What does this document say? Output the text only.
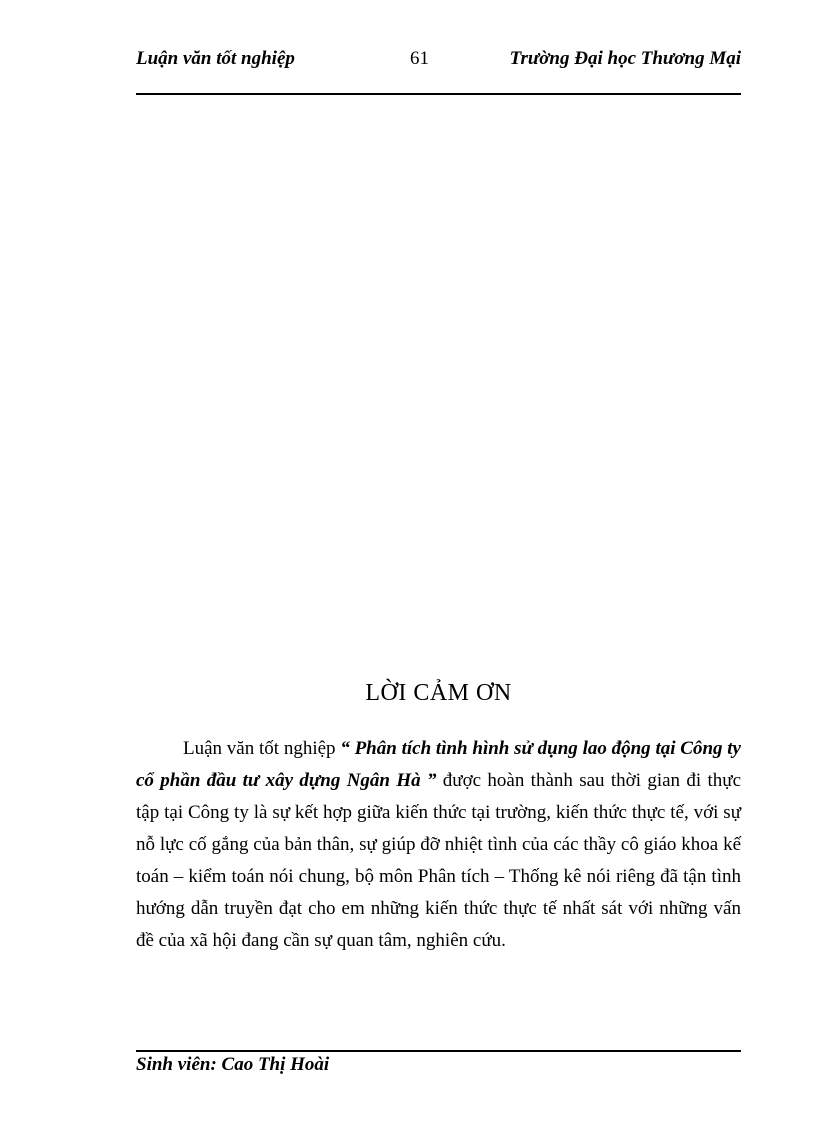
Luận văn tốt nghiệp	61	Trường Đại học Thương Mại
LỜI CẢM ƠN

Luận văn tốt nghiệp “ Phân tích tình hình sử dụng lao động tại Công ty cổ phần đầu tư xây dựng Ngân Hà ” được hoàn thành sau thời gian đi thực tập tại Công ty là sự kết hợp giữa kiến thức tại trường, kiến thức thực tế, với sự nỗ lực cố gắng của bản thân, sự giúp đỡ nhiệt tình của các thầy cô giáo khoa kế toán – kiểm toán nói chung, bộ môn Phân tích – Thống kê nói riêng đã tận tình hướng dẫn truyền đạt cho em những kiến thức thực tế nhất sát với những vấn đề của xã hội đang cần sự quan tâm, nghiên cứu.

Sinh viên: Cao Thị Hoài
